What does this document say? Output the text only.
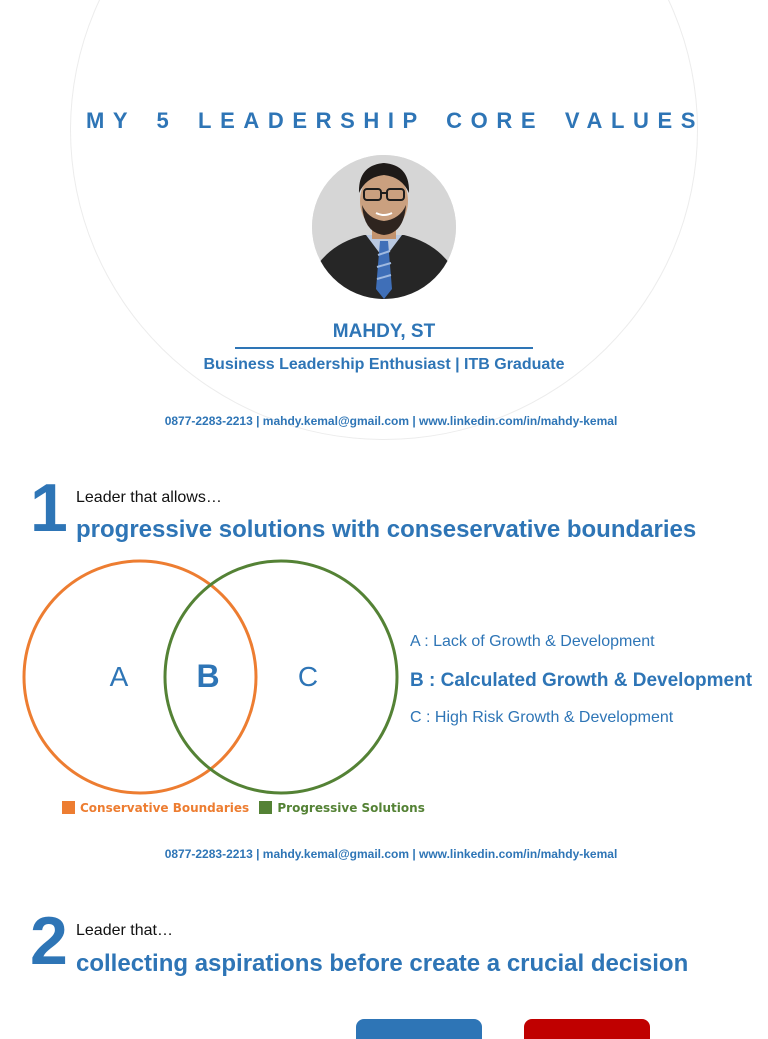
MY 5 LEADERSHIP CORE VALUES
MAHDY, ST
Business Leadership Enthusiast | ITB Graduate
0877-2283-2213 | mahdy.kemal@gmail.com | www.linkedin.com/in/mahdy-kemal
1 Leader that allows…
progressive solutions with conseservative boundaries
A B	C
A : Lack of Growth & Development
B : Calculated Growth & Development
C : High Risk Growth & Development
Conservative Boundaries Progressive Solutions
0877-2283-2213 | mahdy.kemal@gmail.com | www.linkedin.com/in/mahdy-kemal
2 Leader that…
collecting aspirations before create a crucial decision
